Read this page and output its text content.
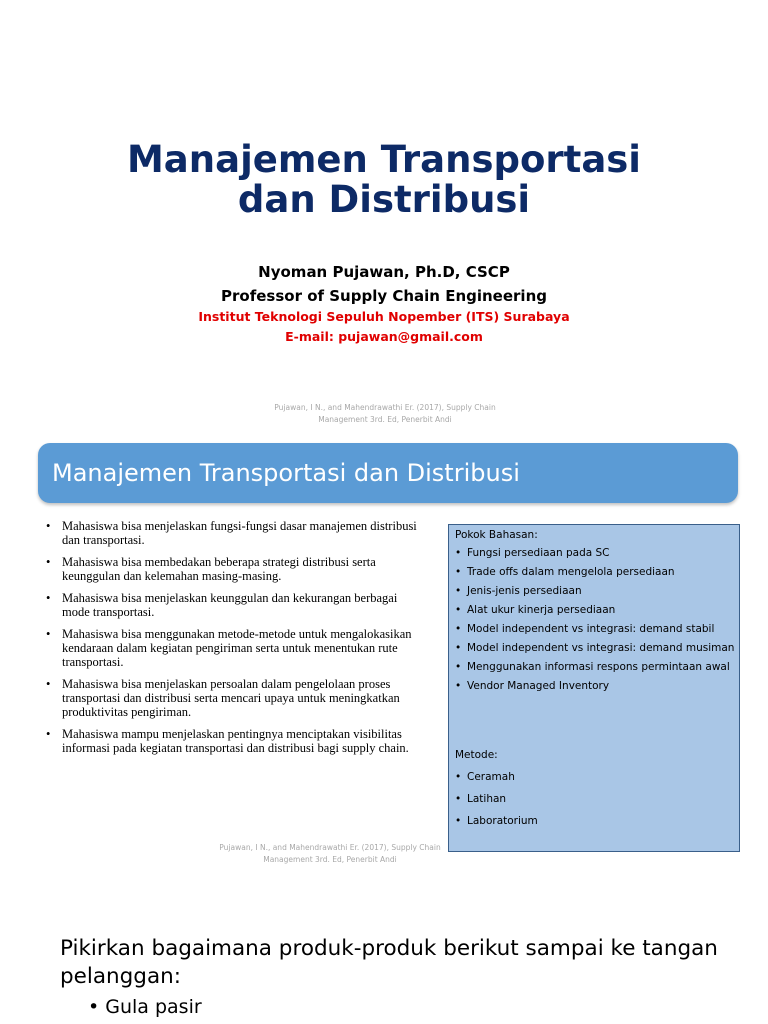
Manajemen Transportasi
dan Distribusi
Nyoman Pujawan, Ph.D, CSCP
Professor of Supply Chain Engineering
Institut Teknologi Sepuluh Nopember (ITS) Surabaya
E-mail: pujawan@gmail.com
Pujawan, I N., and Mahendrawathi Er. (2017), Supply Chain
Management 3rd. Ed, Penerbit Andi
Manajemen Transportasi dan Distribusi
• Mahasiswa bisa menjelaskan fungsi-fungsi dasar manajemen distribusi dan transportasi.
• Mahasiswa bisa membedakan beberapa strategi distribusi serta keunggulan dan kelemahan masing-masing.
• Mahasiswa bisa menjelaskan keunggulan dan kekurangan berbagai mode transportasi.
• Mahasiswa bisa menggunakan metode-metode untuk mengalokasikan kendaraan dalam kegiatan pengiriman serta untuk menentukan rute transportasi.
• Mahasiswa bisa menjelaskan persoalan dalam pengelolaan proses transportasi dan distribusi serta mencari upaya untuk meningkatkan produktivitas pengiriman.
• Mahasiswa mampu menjelaskan pentingnya menciptakan visibilitas informasi pada kegiatan transportasi dan distribusi bagi supply chain.
Pokok Bahasan:
• Fungsi persediaan pada SC
• Trade offs dalam mengelola persediaan
• Jenis-jenis persediaan
• Alat ukur kinerja persediaan
• Model independent vs integrasi: demand stabil
• Model independent vs integrasi: demand musiman
• Menggunakan informasi respons permintaan awal
• Vendor Managed Inventory
Metode:
• Ceramah
• Latihan
• Laboratorium
Pujawan, I N., and Mahendrawathi Er. (2017), Supply Chain
Management 3rd. Ed, Penerbit Andi
Pikirkan bagaimana produk-produk berikut sampai ke tangan pelanggan:
• Gula pasir
